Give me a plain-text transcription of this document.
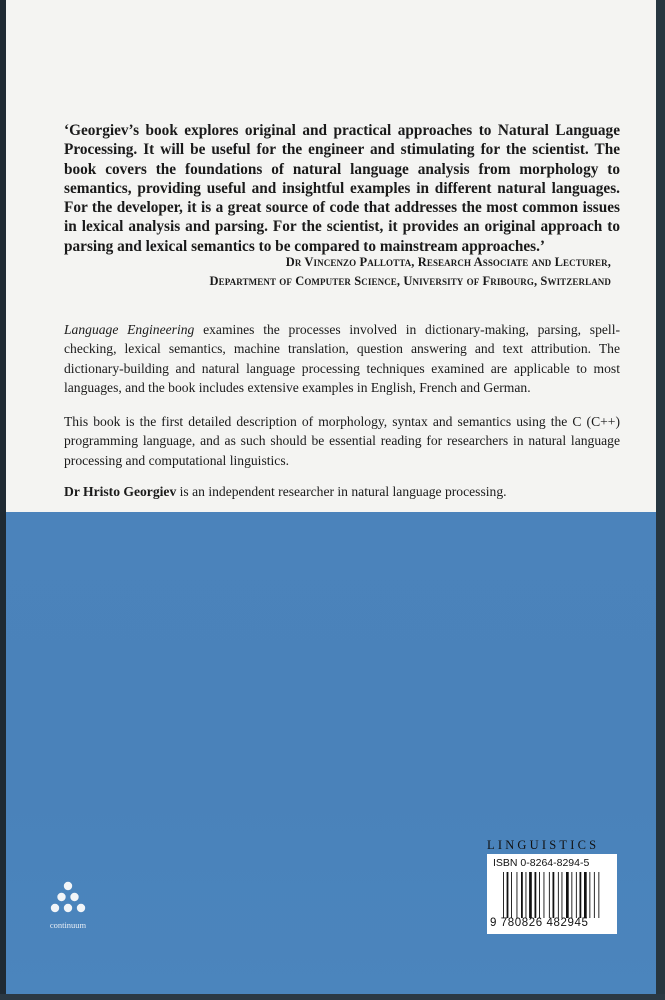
‘Georgiev’s book explores original and practical approaches to Natural Language Processing. It will be useful for the engineer and stimulating for the scientist. The book covers the foundations of natural language analysis from morphology to semantics, providing useful and insightful examples in different natural languages. For the developer, it is a great source of code that addresses the most common issues in lexical analysis and parsing. For the scientist, it provides an original approach to parsing and lexical semantics to be compared to mainstream approaches.’
Dr Vincenzo Pallotta, Research Associate and Lecturer,
Department of Computer Science, University of Fribourg, Switzerland
Language Engineering examines the processes involved in dictionary-making, parsing, spell-checking, lexical semantics, machine translation, question answering and text attribution. The dictionary-building and natural language processing techniques examined are applicable to most languages, and the book includes extensive examples in English, French and German.
This book is the first detailed description of morphology, syntax and semantics using the C (C++) programming language, and as such should be essential reading for researchers in natural language processing and computational linguistics.
Dr Hristo Georgiev is an independent researcher in natural language processing.
continuum
LINGUISTICS
ISBN 0-8264-8294-5
9 780826 482945
